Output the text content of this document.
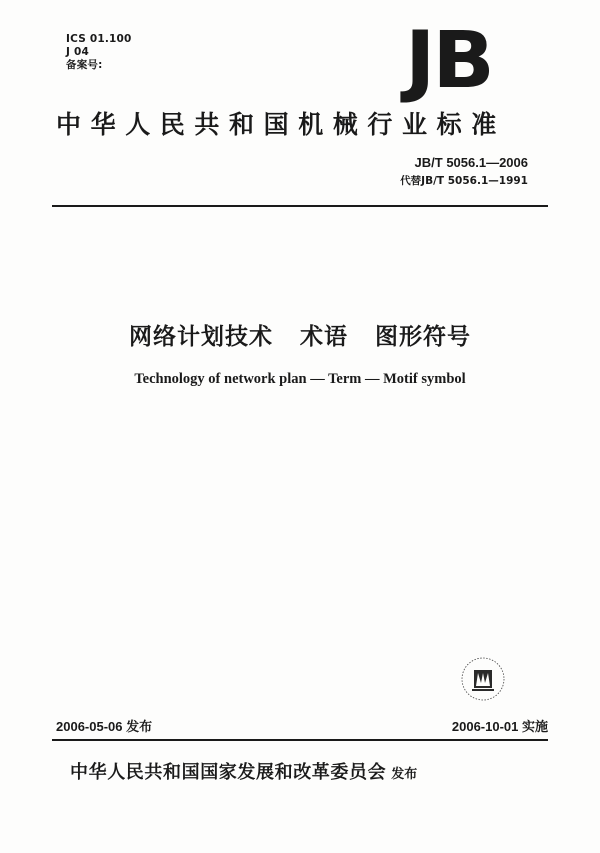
ICS 01.100
J 04
备案号:	JB
中华人民共和国机械行业标准
JB/T 5056.1—2006
代替JB/T 5056.1—1991
网络计划技术   术语   图形符号
Technology of network plan — Term — Motif symbol
2006-05-06 发布	2006-10-01 实施
中华人民共和国国家发展和改革委员会 发布
